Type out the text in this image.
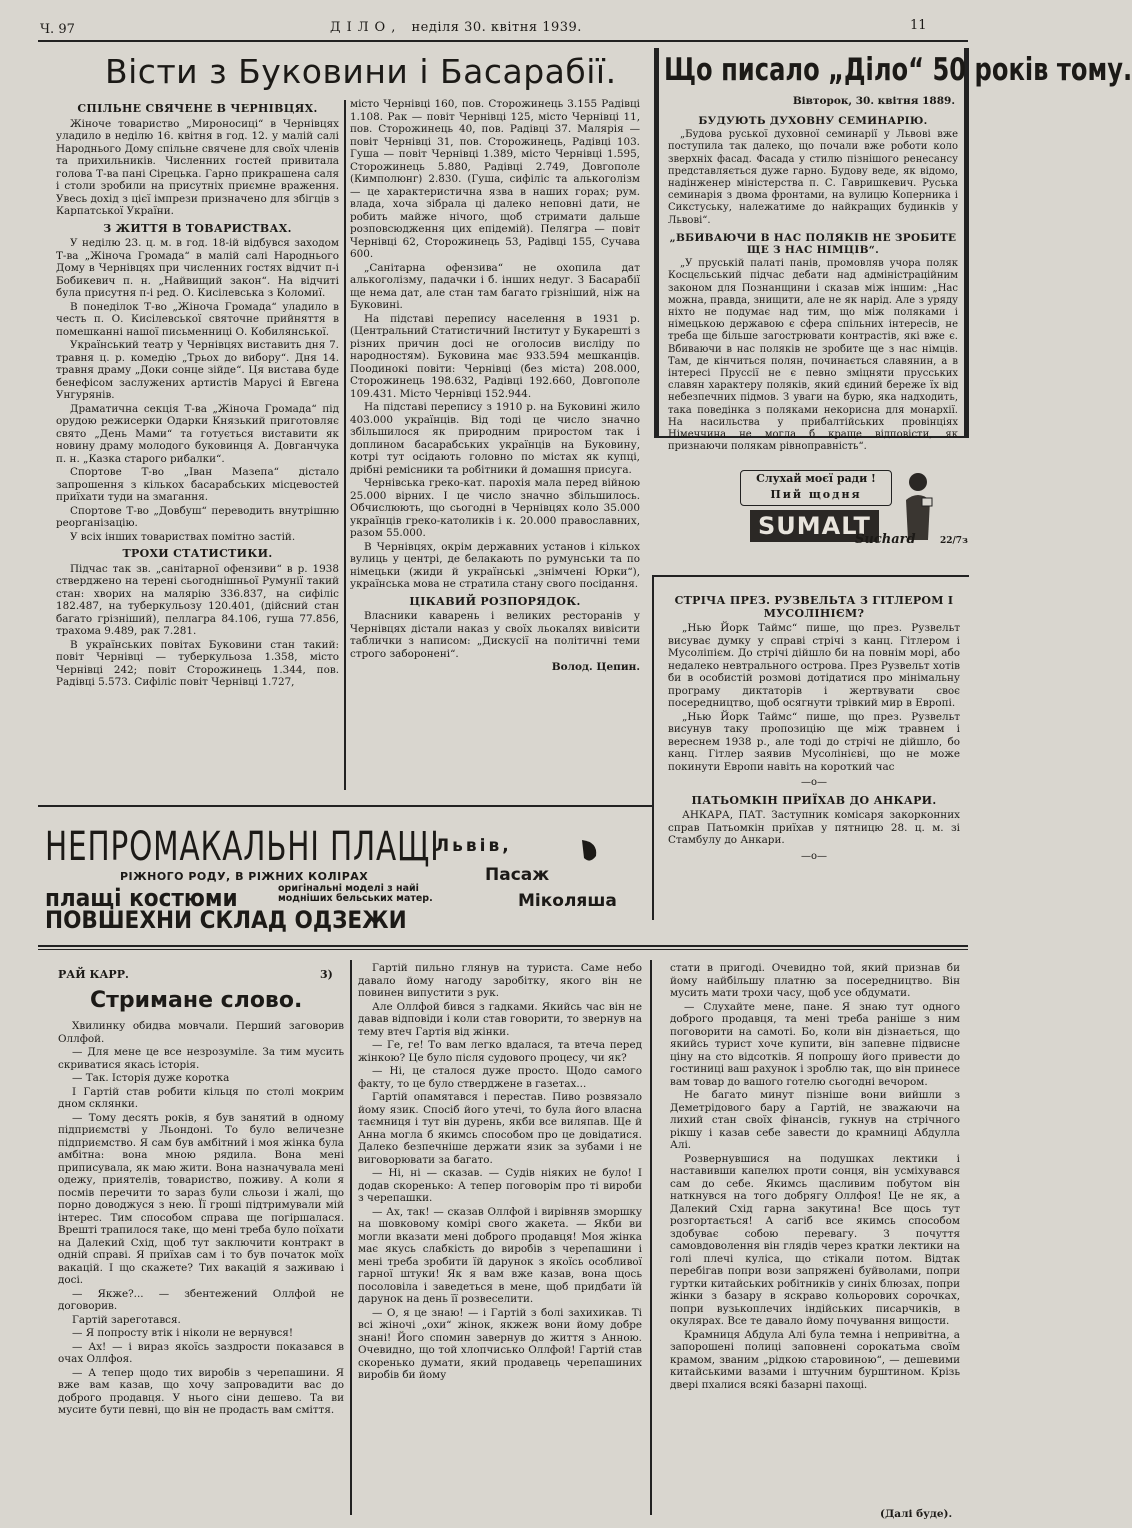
Ч. 97	ДІЛО, неділя 30. квітня 1939.	11
Вісти з Буковини і Басарабії.
СПІЛЬНЕ СВЯЧЕНЕ В ЧЕРНІВЦЯХ.

Жіноче товариство „Мироносиці“ в Чернівцях уладило в неділю 16. квітня в год. 12. у малій салі Народнього Дому спільне свячене для своїх членів та прихильників. Численних гостей привитала голова Т-ва пані Сірецька. Гарно прикрашена саля і столи зробили на присутніх приємне враження. Увесь дохід з цієї імпрези призначено для збігців з Карпатської України.

З ЖИТТЯ В ТОВАРИСТВАХ.

У неділю 23. ц. м. в год. 18-ій відбувся заходом Т-ва „Жіноча Громада“ в малій салі Народнього Дому в Чернівцях при численних гостях відчит п-і Бобикевич п. н. „Найвищий закон“. На відчиті була присутня п-і ред. О. Кисілевська з Коломиї.

В понеділок Т-во „Жіноча Громада“ уладило в честь п. О. Кисілевської святочне прийняття в помешканні нашої письменниці О. Кобилянської.

Український театр у Чернівцях виставить дня 7. травня ц. р. комедію „Трьох до вибору“. Дня 14. травня драму „Доки сонце зійде“. Ця вистава буде бенефісом заслужених артистів Марусі й Евгена Унгурянів.

Драматична секція Т-ва „Жіноча Громада“ під орудою режисерки Одарки Князький приготовляє свято „День Мами“ та готується виставити як новину драму молодого буковинця А. Довганчука п. н. „Казка старого рибалки“.

Спортове Т-во „Іван Мазепа“ дістало запрошення з кількох басарабських місцевостей приїхати туди на змагання.

Спортове Т-во „Довбуш“ переводить внутрішню реорганізацію.

У всіх інших товариствах помітно застій.

ТРОХИ СТАТИСТИКИ.

Підчас так зв. „санітарної офензиви“ в р. 1938 стверджено на терені сьогоднішньої Румунії такий стан: хворих на малярію 336.837, на сифіліс 182.487, на туберкульозу 120.401, (дійсний стан багато грізніший), пеллагра 84.106, гуша 77.856, трахома 9.489, рак 7.281.

В українських повітах Буковини стан такий: повіт Чернівці — туберкульоза 1.358, місто Чернівці 242; повіт Сторожинець 1.344, пов. Радівці 5.573. Сифіліс повіт Чернівці 1.727,

місто Чернівці 160, пов. Сторожинець 3.155 Радівці 1.108. Рак — повіт Чернівці 125, місто Чернівці 11, пов. Сторожинець 40, пов. Радівці 37. Малярія — повіт Чернівці 31, пов. Сторожинець, Радівці 103. Гуша — повіт Чернівці 1.389, місто Чернівці 1.595, Сторожинець 5.880, Радівці 2.749, Довгополе (Кимполюнг) 2.830. (Гуша, сифіліс та алькоголізм — це характеристична язва в наших горах; рум. влада, хоча зібрала ці далеко неповні дати, не робить майже нічого, щоб стримати дальше розповсюдження цих епідемій). Пелягра — повіт Чернівці 62, Сторожинець 53, Радівці 155, Сучава 600.

„Санітарна офензива“ не охопила дат алькоголізму, падачки і б. інших недуг. З Басарабії ще нема дат, але стан там багато грізніший, ніж на Буковині.

На підставі перепису населення в 1931 р. (Центральний Статистичний Інститут у Букарешті з різних причин досі не оголосив висліду по народностям). Буковина має 933.594 мешканців. Поодинокі повіти: Чернівці (без міста) 208.000, Сторожинець 198.632, Радівці 192.660, Довгополе 109.431. Місто Чернівці 152.944.

На підставі перепису з 1910 р. на Буковині жило 403.000 українців. Від тоді це число значно збільшилося як природним приростом так і доплином басарабських українців на Буковину, котрі тут осідають головно по містах як купці, дрібні ремісники та робітники й домашня присуга.

Чернівська греко-кат. парохія мала перед війною 25.000 вірних. І це число значно збільшилось. Обчислюють, що сьогодні в Чернівцях коло 35.000 українців греко-католиків і к. 20.000 православних, разом 55.000.

В Чернівцях, окрім державних установ і кількох вулиць у центрі, де белакають по румунськи та по німецьки (жиди й українські „знімчені Юрки“), українська мова не стратила стану свого посідання.

ЦІКАВИЙ РОЗПОРЯДОК.

Власники каварень і великих ресторанів у Чернівцях дістали наказ у своїх льокалях вивісити таблички з написом: „Дискусії на політичні теми строго заборонені“.

Волод. Цепин.
Що писало „Діло“ 50 років тому.
Вівторок, 30. квітня 1889.
БУДУЮТЬ ДУХОВНУ СЕМИНАРІЮ.

„Будова руської духовної семинарії у Львові вже поступила так далеко, що почали вже роботи коло зверхніх фасад. Фасада у стилю пізнішого ренесансу представляється дуже гарно. Будову веде, як відомо, надінженер міністерства п. С. Гавришкевич. Руська семинарія з двома фронтами, на вулицю Коперника і Сикстуську, належатиме до найкращих будинків у Львові“.

„ВБИВАЮЧИ В НАС ПОЛЯКІВ НЕ ЗРОБИТЕ ЩЕ З НАС НІМЦІВ“.

„У пруській палаті панів, промовляв учора поляк Косцєльський підчас дебати над адміністраційним законом для Познанщини і сказав між іншим: „Нас можна, правда, знищити, але не як нарід. Але з уряду ніхто не подумає над тим, що між поляками і німецькою державою є сфера спільних інтересів, не треба ще більше загострювати контрастів, які вже є. Вбиваючи в нас поляків не зробите ще з нас німців. Там, де кінчиться полян, починається славянин, а в інтересі Пруссії не є певно зміцняти прусських славян характеру поляків, який єдиний береже їх від небезпечних підмов. З уваги на бурю, яка надходить, така поведінка з поляками некорисна для монархії. На насильства у прибалтійських провінціях Німеччина не могла б краще відповісти, як признаючи полякам рівноправність“.

Слухай моєї ради !
Пий щодня
SUMALT
Suchard	22/7з
СТРІЧА ПРЕЗ. РУЗВЕЛЬТА З ГІТЛЕРОМ І МУСОЛІНІЄМ?

„Нью Йорк Таймс“ пише, що през. Рузвельт висуває думку у справі стрічі з канц. Гітлером і Мусоліпієм. До стрічі дійшло би на повнім морі, або недалеко невтрального острова. През Рузвельт хотів би в особистій розмові дотідатися про мінімальну програму диктаторів і жертвувати своє посередництво, щоб осягнути трівкий мир в Европі.

„Нью Йорк Таймс“ пише, що през. Рузвельт висунув таку пропозицію ще між травнем і вереснем 1938 р., але тоді до стрічі не дійшло, бо канц. Гітлер заявив Мусолінієві, що не може покинути Европи навіть на короткий час

—o—
ПАТЬОМКІН ПРИЇХАВ ДО АНКАРИ.

АНКАРА, ПАТ. Заступник комісаря закорконних справ Патьомкін приїхав у пятницю 28. ц. м. зі Стамбулу до Анкари.

—o—
НЕПРОМАКАЛЬНІ ПЛАЩІ
Львів,
РІЖНОГО РОДУ, В РІЖНИХ КОЛІРАХ	Пасаж
плащі костюми	оригінальні моделі з найі модніших бельських матер.	Міколяша
ПОВШЕХНИ СКЛАД ОДЗЕЖИ
РАЙ КАРР.	3)
Стримане слово.

Хвилинку обидва мовчали. Перший заговорив Оллфой.

— Для мене це все незрозуміле. За тим мусить скриватися якась історія.

— Так. Історія дуже коротка

І Гартій став робити кільця по столі мокрим дном склянки.

— Тому десять років, я був занятий в одному підприємстві у Льондоні. То було величезне підприємство. Я сам був амбітний і моя жінка була амбітна: вона мною рядила. Вона мені приписувала, як маю жити. Вона назначувала мені одежу, приятелів, товариство, поживу. А коли я посмів перечити то зараз були сльози і жалі, що порно доводжуся з нею. Її гроші підтримували мій інтерес. Тим способом справа ще погіршалася. Врешті трапилося таке, що мені треба було поїхати на Далекий Схід, щоб тут заключити контракт в одній справі. Я приїхав сам і то був початок моїх вакацій. І що скажете? Тих вакацій я заживаю і досі.

— Якже?... — збентежений Оллфой не договорив.

Гартій зареготався.

— Я попросту втік і ніколи не вернувся!

— Ах! — і вираз якоїсь заздрости показався в очах Оллфоя.

— А тепер щодо тих виробів з черепашини. Я вже вам казав, що хочу запровадити вас до доброго продавця. У нього сіни дешево. Та ви мусите бути певні, що він не продасть вам сміття.

Гартій пильно глянув на туриста. Саме небо давало йому нагоду заробітку, якого він не повинен випустити з рук.

Але Оллфой бився з гадками. Якийсь час він не давав відповіди і коли став говорити, то звернув на тему втеч Гартія від жінки.

— Ге, ге! То вам легко вдалася, та втеча перед жінкою? Це було після судового процесу, чи як?

— Ні, це сталося дуже просто. Щодо самого факту, то це було стверджене в газетах...

Гартій опамятався і перестав. Пиво розвязало йому язик. Спосіб його утечі, то була його власна таємниця і тут він дурень, якби все виляпав. Ще й Анна могла б якимсь способом про це довідатися. Далеко безпечніше держати язик за зубами і не виговорювати за багато.

— Ні, ні — сказав. — Судів ніяких не було! І додав скоренько: А тепер поговорім про ті вироби з черепашки.

— Ах, так! — сказав Оллфой і вирівняв зморшку на шовковому комірі свого жакета. — Якби ви могли вказати мені доброго продавця! Моя жінка має якусь слабкість до виробів з черепашини і мені треба зробити їй дарунок з якоїсь особливої гарної штуки! Як я вам вже казав, вона щось посоловіла і заведеться в мене, щоб придбати їй дарунок на день її розвеселити.

— О, я це знаю! — і Гартій з болі захихикав. Ті всі жіночі „охи“ жінок, якжеж вони йому добре знані! Його спомин завернув до життя з Анною. Очевидно, що той хлопчисько Оллфой! Гартій став скоренько думати, який продавець черепашиних виробів би йому

стати в пригоді. Очевидно той, який признав би йому найбільшу платню за посередництво. Він мусить мати трохи часу, щоб усе обдумати.

— Слухайте мене, пане. Я знаю тут одного доброго продавця, та мені треба раніше з ним поговорити на самоті. Бо, коли він дізнається, що якийсь турист хоче купити, він запевне підвисне ціну на сто відсотків. Я попрошу його привести до гостиниці ваш рахунок і зроблю так, що він принесе вам товар до вашого готелю сьогодні вечором.

Не багато минут пізніше вони вийшли з Деметрідового бару а Гартій, не зважаючи на лихий стан своїх фінансів, гукнув на стрічного рікшу і казав себе завести до крамниці Абдулла Алі.

Розвернувшися на подушках лектики і наставивши капелюх проти сонця, він усміхувався сам до себе. Якимсь щасливим побутом він наткнувся на того добрягу Оллфоя! Це не як, а Далекий Схід гарна закутина! Все щось тут розгортається! А сагіб все якимсь способом здобуває собою перевагу. З почуття самовдоволення він глядів через кратки лектики на голі плечі куліса, що стікали потом. Відтак перебігав попри вози запряжені буйволами, попри гуртки китайських робітників у синіх блюзах, попри жінки з базару в яскраво кольорових сорочках, попри вузькоплечих індійських писарчиків, в окулярах. Все те давало йому почування вищости.

Крамниця Абдула Алі була темна і непривітна, а запорошені полиці заповнені сорокатьма своїм крамом, званим „рідкою старовиною“, — дешевими китайськими вазами і штучним бурштином. Крізь двері пхалися всякі базарні пахощі.

(Далі буде).
